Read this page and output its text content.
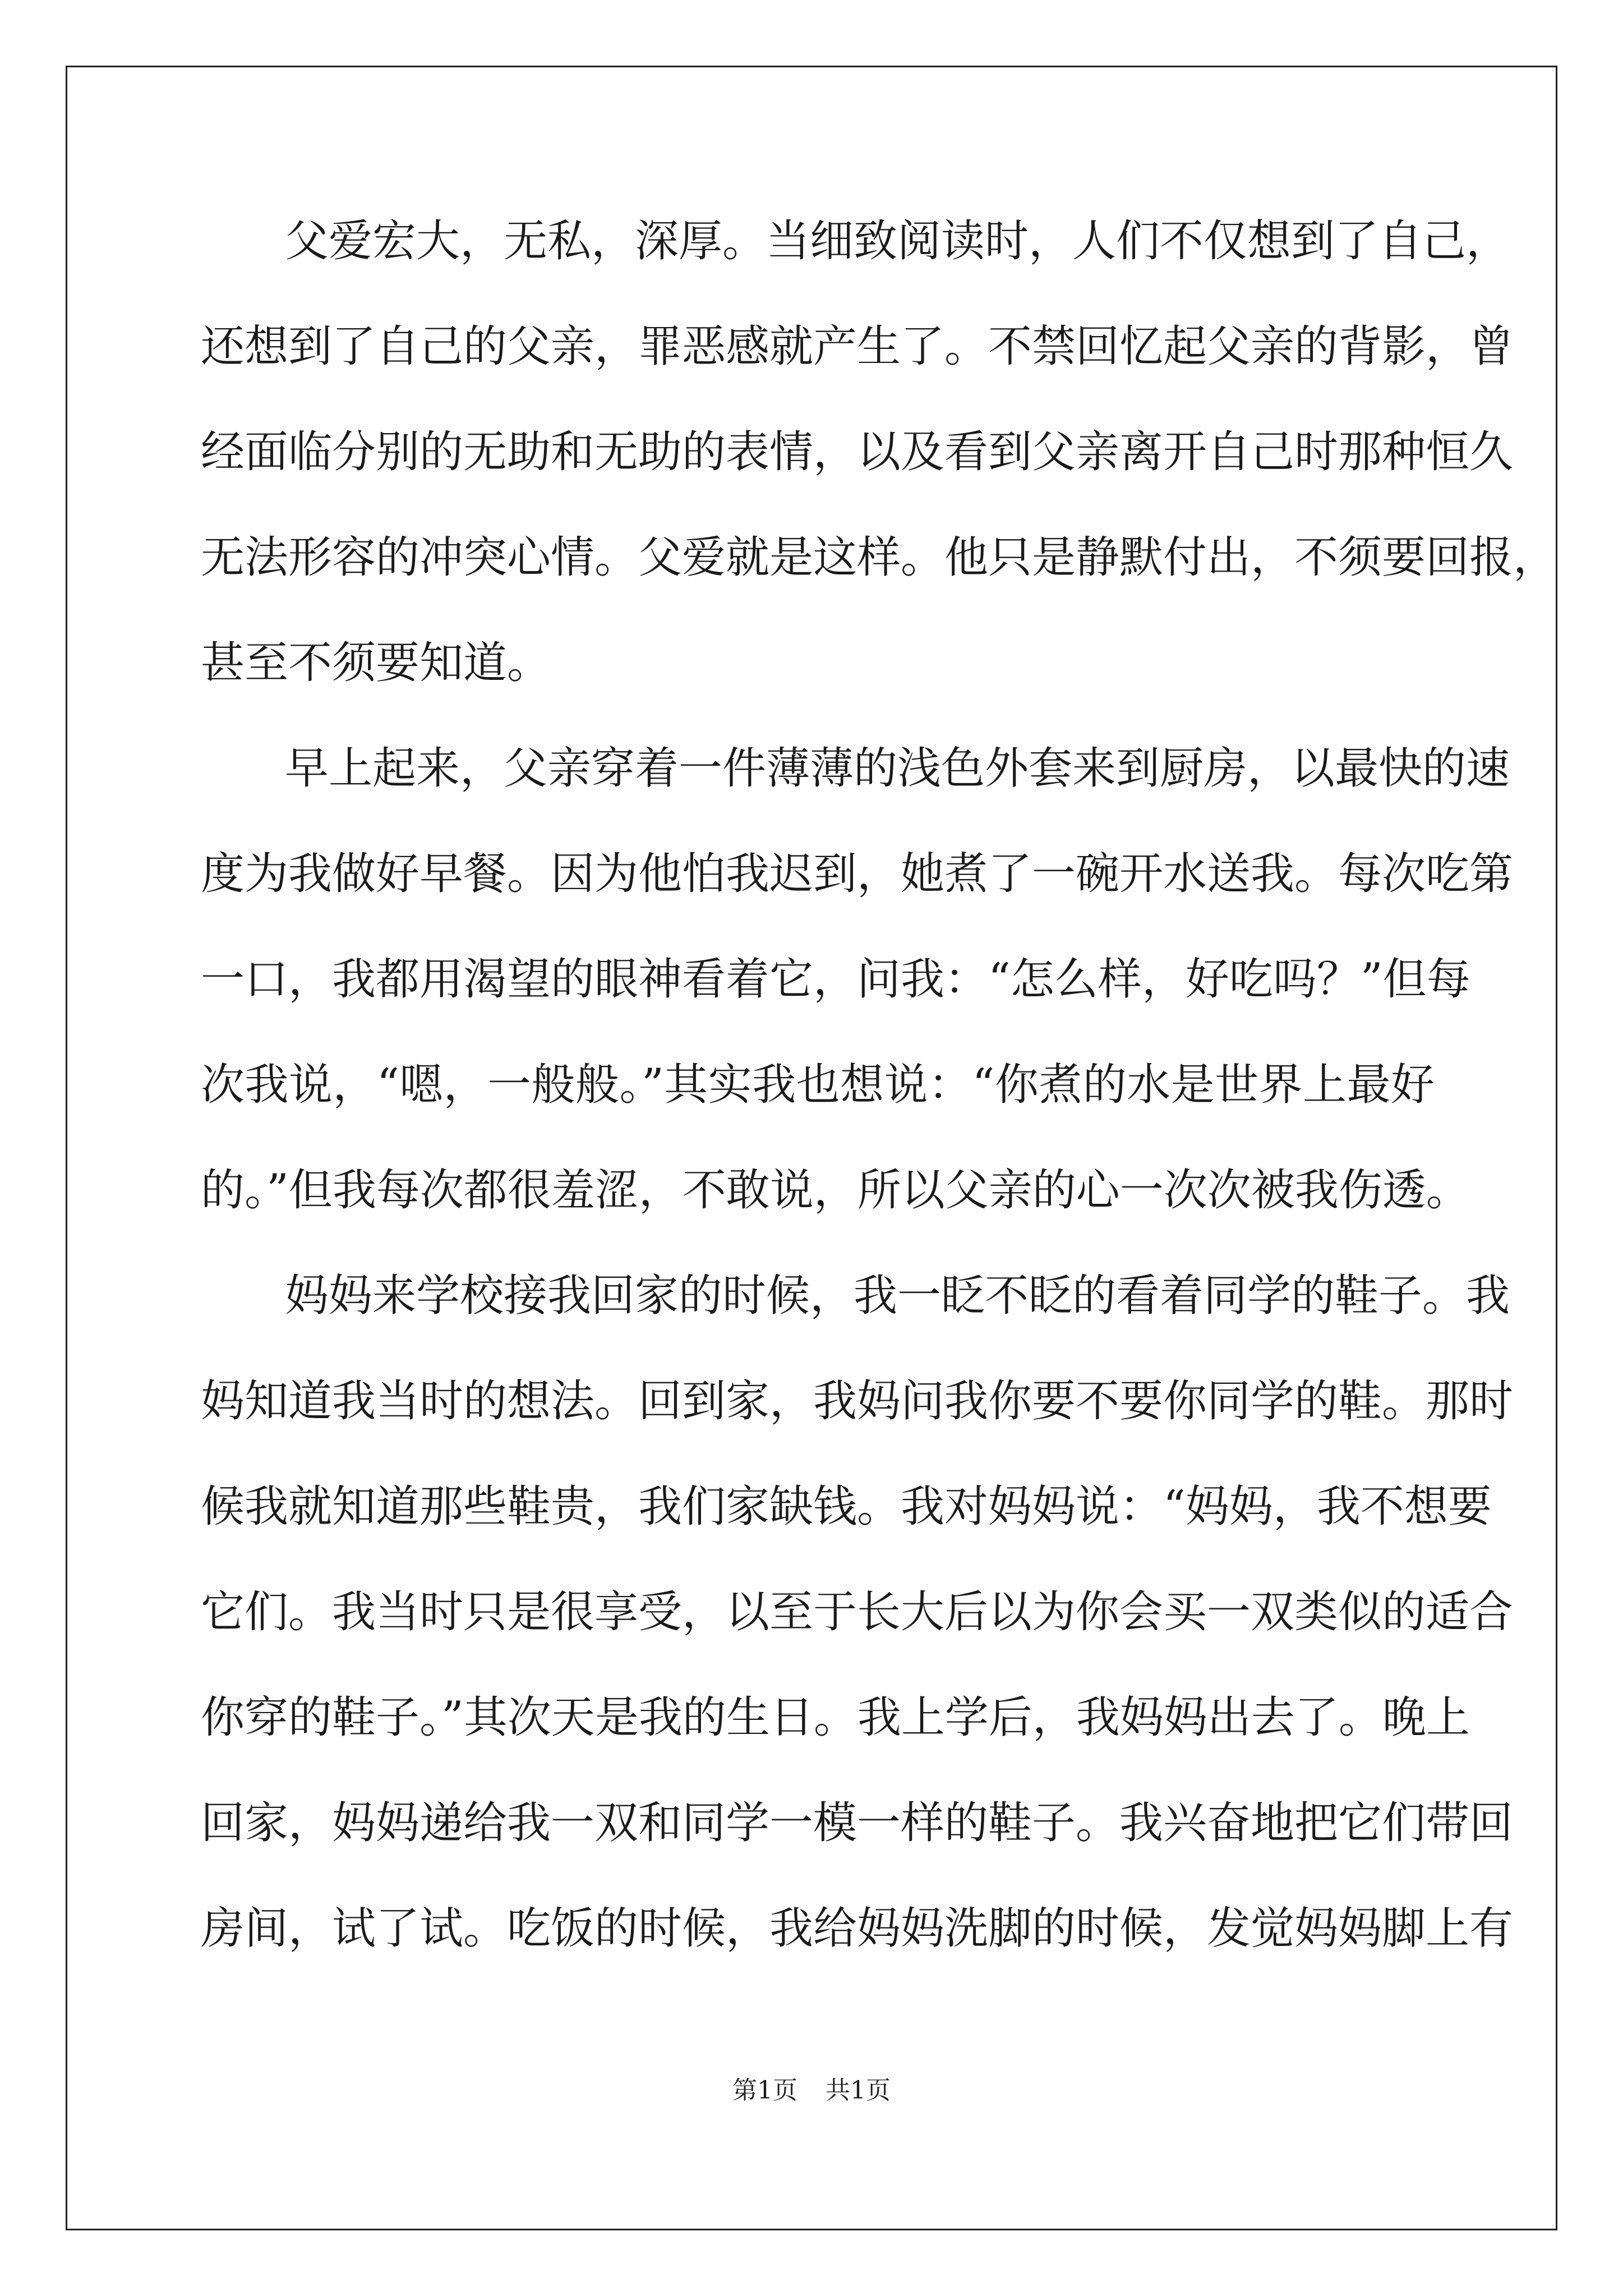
父爱宏大，无私，深厚。当细致阅读时，人们不仅想到了自己，
还想到了自己的父亲，罪恶感就产生了。不禁回忆起父亲的背影，曾
经面临分别的无助和无助的表情，以及看到父亲离开自己时那种恒久
无法形容的冲突心情。父爱就是这样。他只是静默付出，不须要回报，
甚至不须要知道。
早上起来，父亲穿着一件薄薄的浅色外套来到厨房，以最快的速
度为我做好早餐。因为他怕我迟到，她煮了一碗开水送我。每次吃第
一口，我都用渴望的眼神看着它，问我：“怎么样，好吃吗？”但每
次我说，“嗯，一般般。”其实我也想说：“你煮的水是世界上最好
的。”但我每次都很羞涩，不敢说，所以父亲的心一次次被我伤透。
妈妈来学校接我回家的时候，我一眨不眨的看着同学的鞋子。我
妈知道我当时的想法。回到家，我妈问我你要不要你同学的鞋。那时
候我就知道那些鞋贵，我们家缺钱。我对妈妈说：“妈妈，我不想要
它们。我当时只是很享受，以至于长大后以为你会买一双类似的适合
你穿的鞋子。”其次天是我的生日。我上学后，我妈妈出去了。晚上
回家，妈妈递给我一双和同学一模一样的鞋子。我兴奋地把它们带回
房间，试了试。吃饭的时候，我给妈妈洗脚的时候，发觉妈妈脚上有
第1页 共1页
